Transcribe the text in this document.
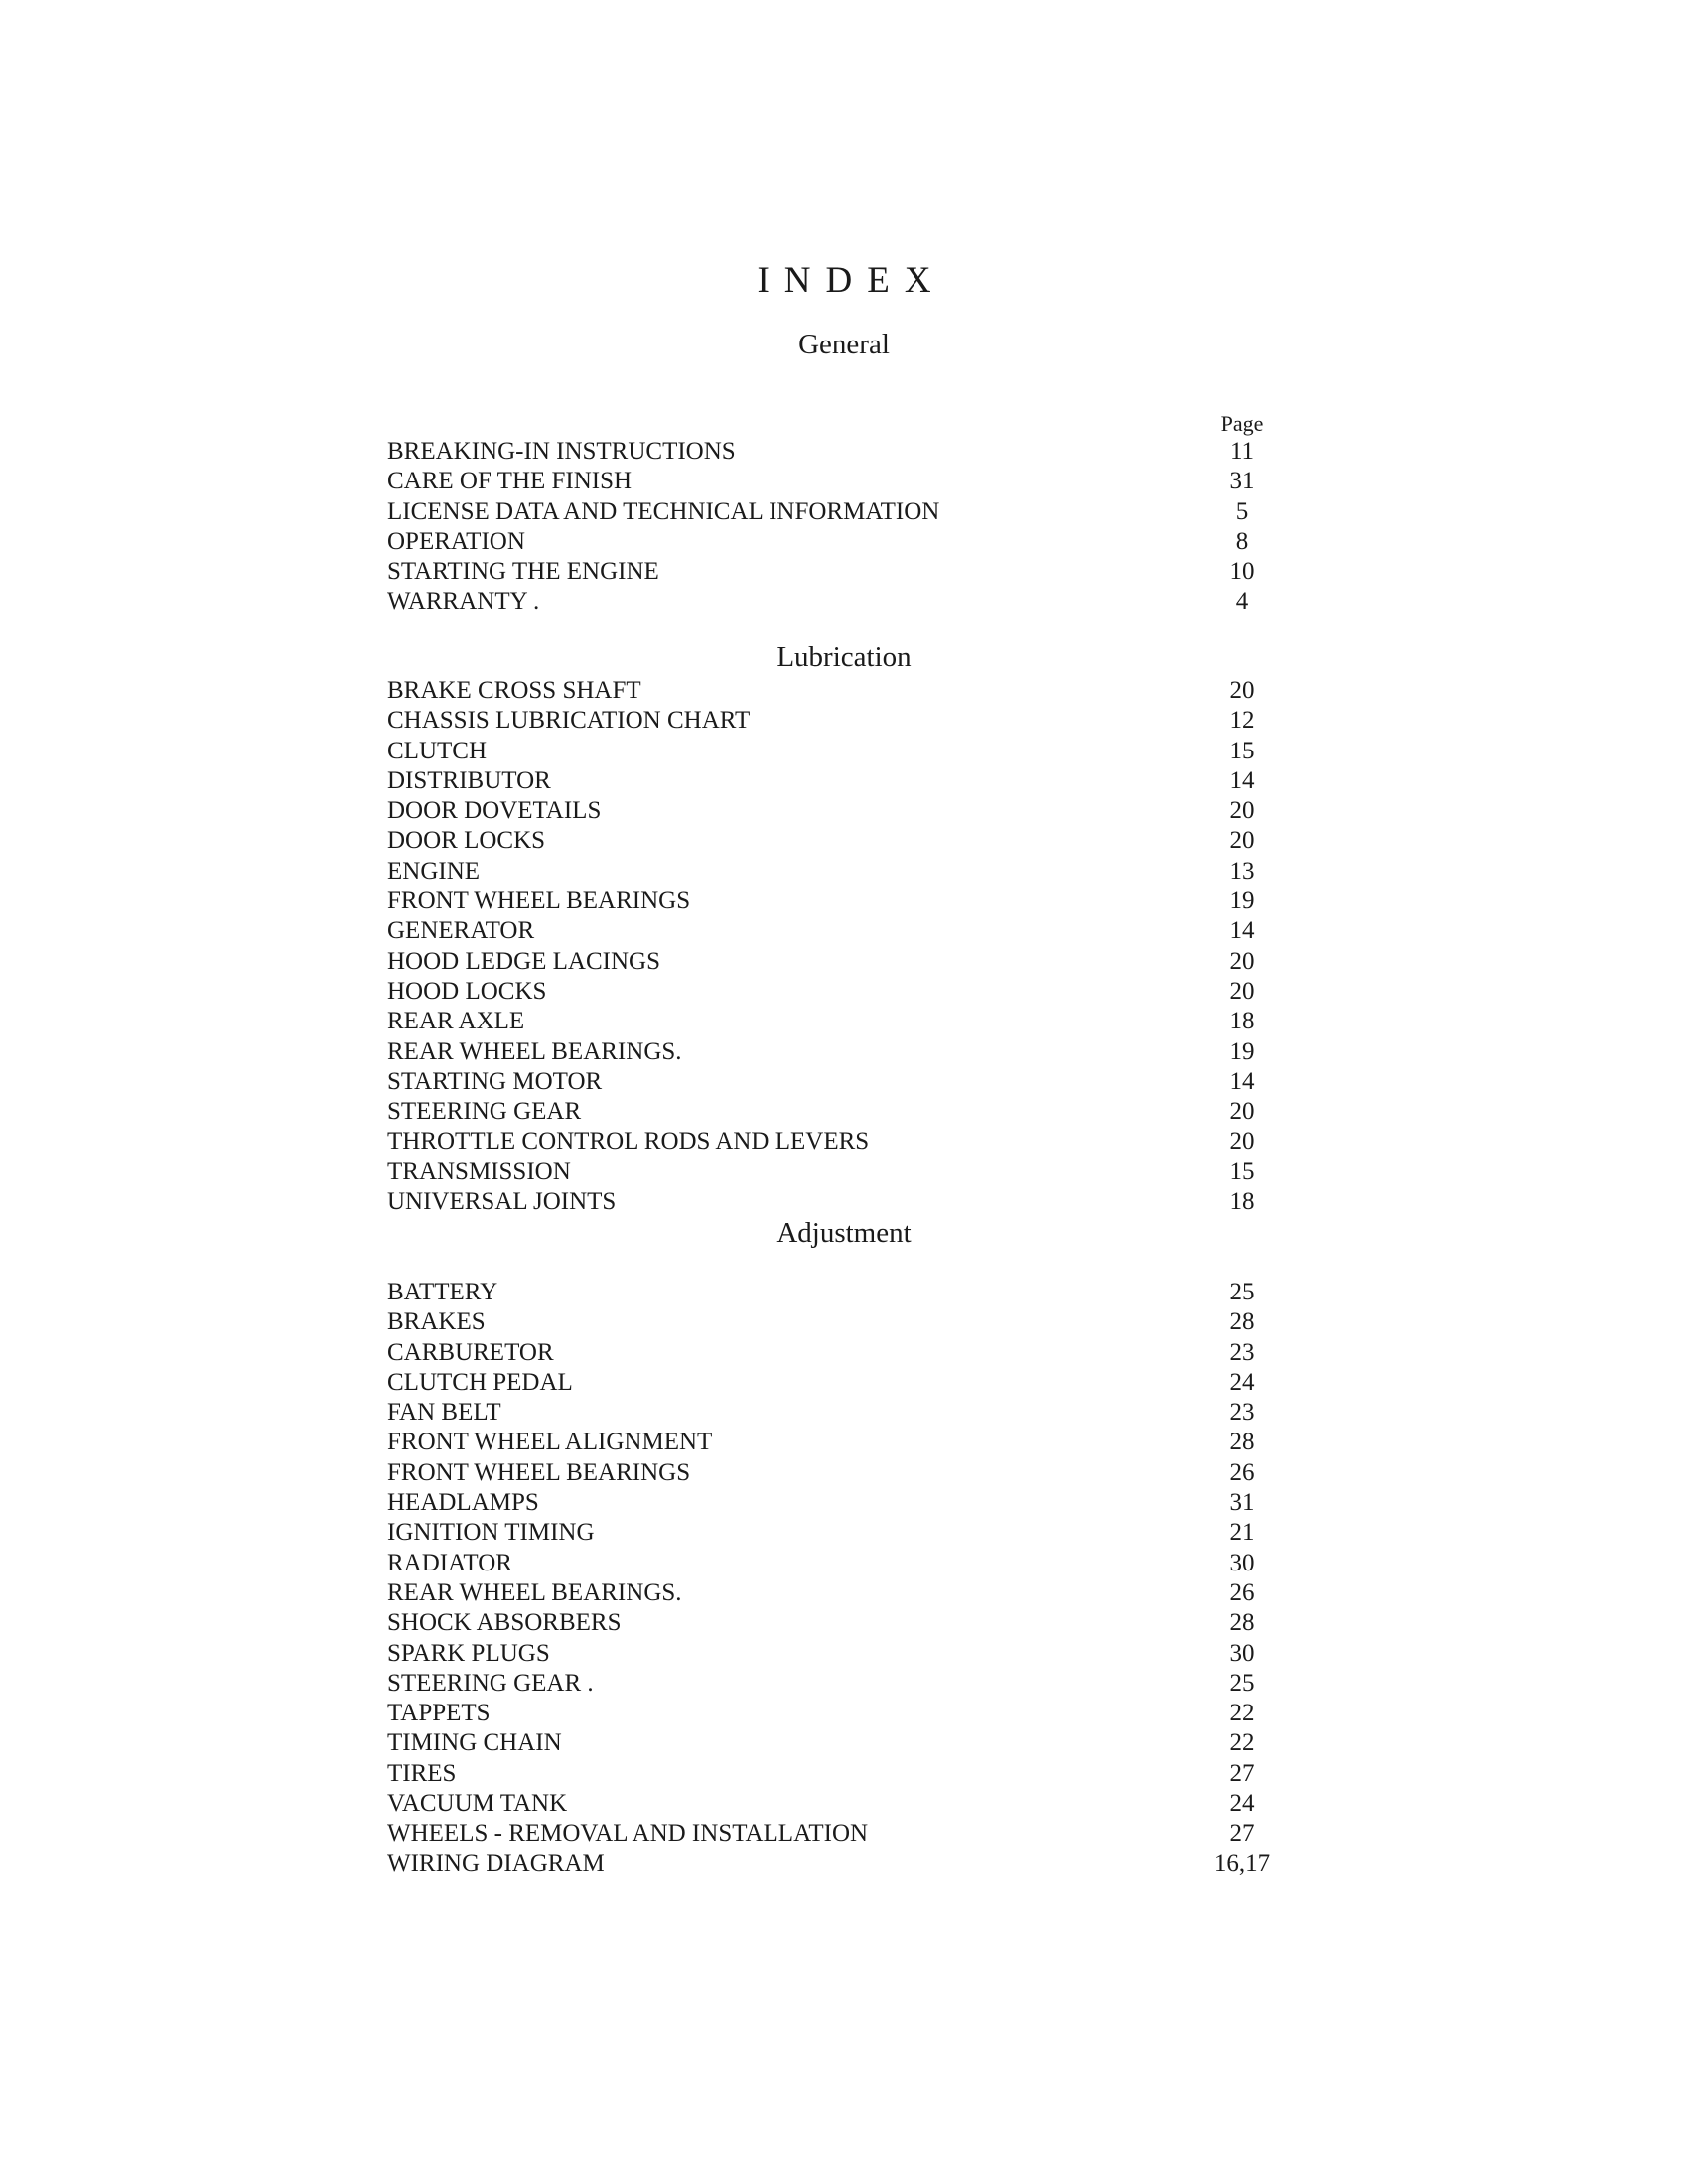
INDEX
General
Page
BREAKING-IN INSTRUCTIONS	11
CARE OF THE FINISH	31
LICENSE DATA AND TECHNICAL INFORMATION	5
OPERATION	8
STARTING THE ENGINE	10
WARRANTY .	4
Lubrication
BRAKE CROSS SHAFT	20
CHASSIS LUBRICATION CHART	12
CLUTCH	15
DISTRIBUTOR	14
DOOR DOVETAILS	20
DOOR LOCKS	20
ENGINE	13
FRONT WHEEL BEARINGS	19
GENERATOR	14
HOOD LEDGE LACINGS	20
HOOD LOCKS	20
REAR AXLE	18
REAR WHEEL BEARINGS.	19
STARTING MOTOR	14
STEERING GEAR	20
THROTTLE CONTROL RODS AND LEVERS	20
TRANSMISSION	15
UNIVERSAL JOINTS	18
Adjustment
BATTERY	25
BRAKES	28
CARBURETOR	23
CLUTCH PEDAL	24
FAN BELT	23
FRONT WHEEL ALIGNMENT	28
FRONT WHEEL BEARINGS	26
HEADLAMPS	31
IGNITION TIMING	21
RADIATOR	30
REAR WHEEL BEARINGS.	26
SHOCK ABSORBERS	28
SPARK PLUGS	30
STEERING GEAR .	25
TAPPETS	22
TIMING CHAIN	22
TIRES	27
VACUUM TANK	24
WHEELS - REMOVAL AND INSTALLATION	27
WIRING DIAGRAM	16,17
